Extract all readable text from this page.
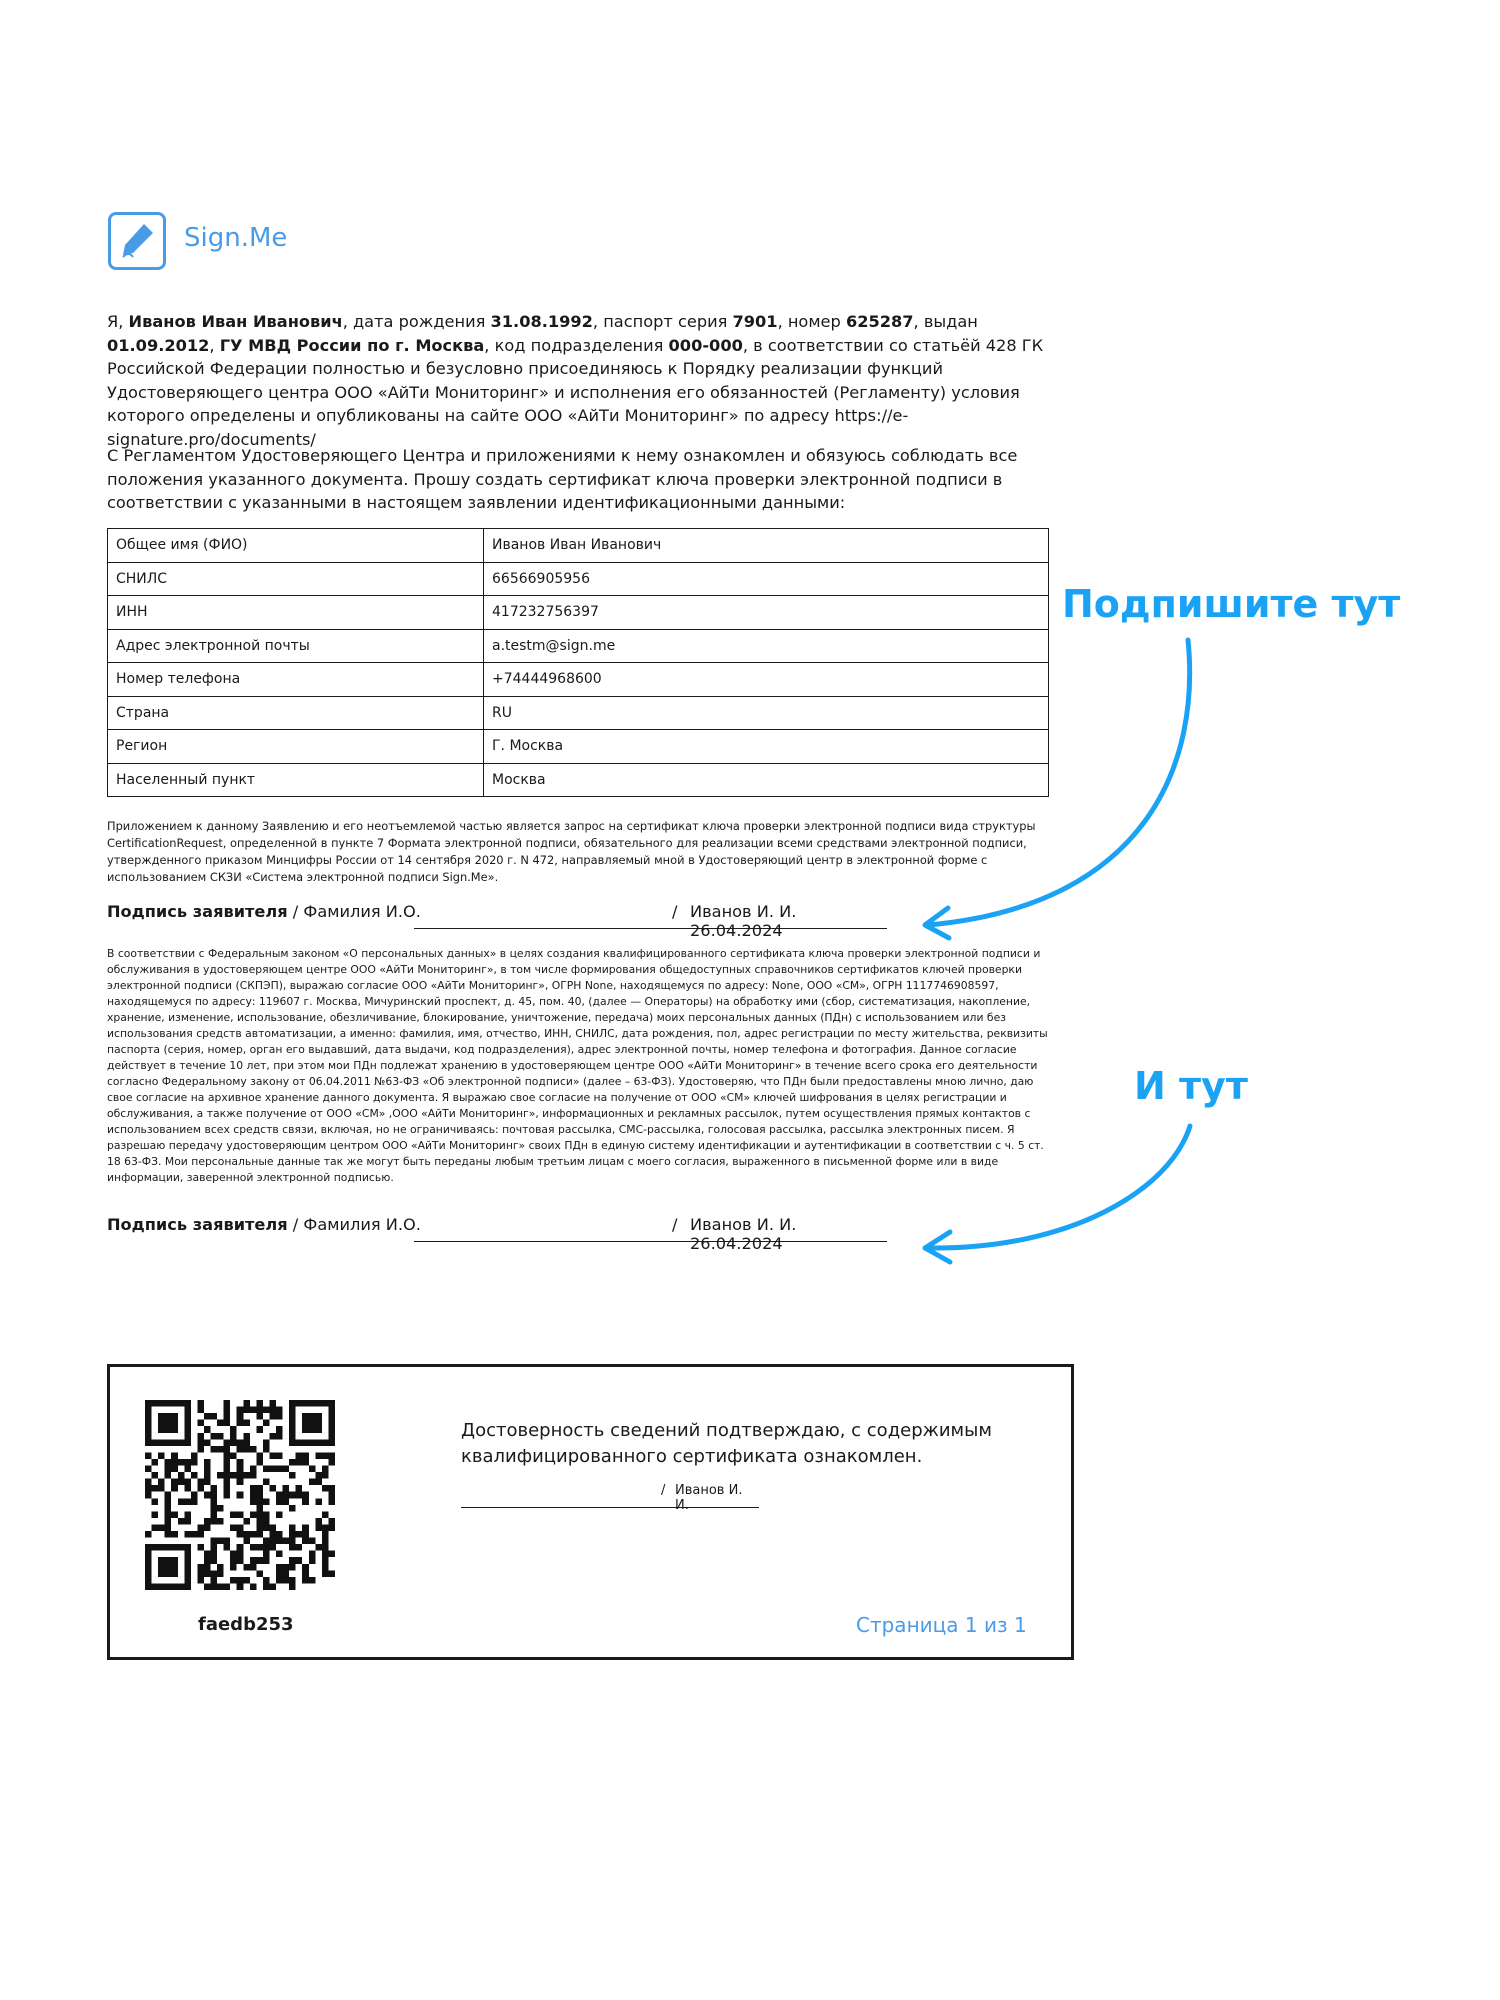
Sign.Me
Я, Иванов Иван Иванович, дата рождения 31.08.1992, паспорт серия 7901, номер 625287, выдан 01.09.2012, ГУ МВД России по г. Москва, код подразделения 000-000, в соответствии со статьёй 428 ГК Российской Федерации полностью и безусловно присоединяюсь к Порядку реализации функций Удостоверяющего центра ООО «АйТи Мониторинг» и исполнения его обязанностей (Регламенту) условия которого определены и опубликованы на сайте ООО «АйТи Мониторинг» по адресу https://e-signature.pro/documents/
С Регламентом Удостоверяющего Центра и приложениями к нему ознакомлен и обязуюсь соблюдать все положения указанного документа. Прошу создать сертификат ключа проверки электронной подписи в соответствии с указанными в настоящем заявлении идентификационными данными:
Общее имя (ФИО)	Иванов Иван Иванович
СНИЛС	66566905956
ИНН	417232756397
Адрес электронной почты	a.testm@sign.me
Номер телефона	+74444968600
Страна	RU
Регион	Г. Москва
Населенный пункт	Москва
Приложением к данному Заявлению и его неотъемлемой частью является запрос на сертификат ключа проверки электронной подписи вида структуры CertificationRequest, определенной в пункте 7 Формата электронной подписи, обязательного для реализации всеми средствами электронной подписи, утвержденного приказом Минцифры России от 14 сентября 2020 г. N 472, направляемый мной в Удостоверяющий центр в электронной форме с использованием СКЗИ «Система электронной подписи Sign.Me».
Подпись заявителя / Фамилия И.О.	/ Иванов И. И. 26.04.2024
В соответствии с Федеральным законом «О персональных данных» в целях создания квалифицированного сертификата ключа проверки электронной подписи и обслуживания в удостоверяющем центре ООО «АйТи Мониторинг», в том числе формирования общедоступных справочников сертификатов ключей проверки электронной подписи (СКПЭП), выражаю согласие ООО «АйТи Мониторинг», ОГРН None, находящемуся по адресу: None, ООО «СМ», ОГРН 1117746908597, находящемуся по адресу: 119607 г. Москва, Мичуринский проспект, д. 45, пом. 40, (далее — Операторы) на обработку ими (сбор, систематизация, накопление, хранение, изменение, использование, обезличивание, блокирование, уничтожение, передача) моих персональных данных (ПДн) с использованием или без использования средств автоматизации, а именно: фамилия, имя, отчество, ИНН, СНИЛС, дата рождения, пол, адрес регистрации по месту жительства, реквизиты паспорта (серия, номер, орган его выдавший, дата выдачи, код подразделения), адрес электронной почты, номер телефона и фотография. Данное согласие действует в течение 10 лет, при этом мои ПДн подлежат хранению в удостоверяющем центре ООО «АйТи Мониторинг» в течение всего срока его деятельности согласно Федеральному закону от 06.04.2011 №63-ФЗ «Об электронной подписи» (далее – 63-ФЗ). Удостоверяю, что ПДн были предоставлены мною лично, даю свое согласие на архивное хранение данного документа. Я выражаю свое согласие на получение от ООО «СМ» ключей шифрования в целях регистрации и обслуживания, а также получение от ООО «СМ» ,ООО «АйТи Мониторинг», информационных и рекламных рассылок, путем осуществления прямых контактов с использованием всех средств связи, включая, но не ограничиваясь: почтовая рассылка, СМС-рассылка, голосовая рассылка, рассылка электронных писем. Я разрешаю передачу удостоверяющим центром ООО «АйТи Мониторинг» своих ПДн в единую систему идентификации и аутентификации в соответствии с ч. 5 ст. 18 63-ФЗ. Мои персональные данные так же могут быть переданы любым третьим лицам с моего согласия, выраженного в письменной форме или в виде информации, заверенной электронной подписью.
Подпись заявителя / Фамилия И.О.	/ Иванов И. И. 26.04.2024
faedb253
Достоверность сведений подтверждаю, с содержимым квалифицированного сертификата ознакомлен.
/ Иванов И. И.
Страница 1 из 1
Подпишите тут
И тут
